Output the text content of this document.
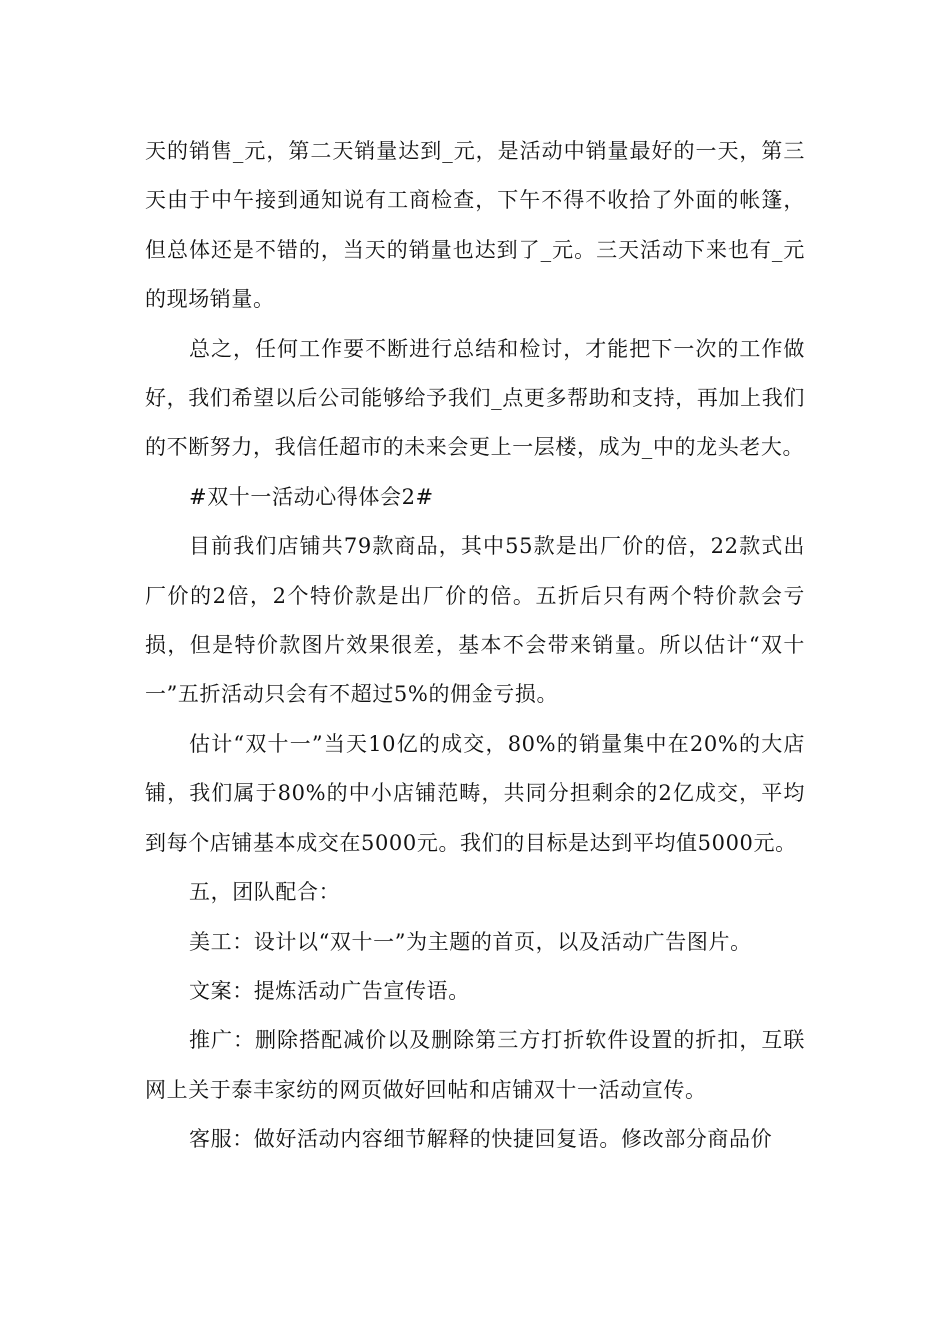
天的销售_元，第二天销量达到_元，是活动中销量最好的一天，第三天由于中午接到通知说有工商检查，下午不得不收拾了外面的帐篷，但总体还是不错的，当天的销量也达到了_元。三天活动下来也有_元的现场销量。

总之，任何工作要不断进行总结和检讨，才能把下一次的工作做好，我们希望以后公司能够给予我们_点更多帮助和支持，再加上我们的不断努力，我信任超市的未来会更上一层楼，成为_中的龙头老大。

#双十一活动心得体会2#

目前我们店铺共79款商品，其中55款是出厂价的倍，22款式出厂价的2倍，2个特价款是出厂价的倍。五折后只有两个特价款会亏损，但是特价款图片效果很差，基本不会带来销量。所以估计“双十一”五折活动只会有不超过5%的佣金亏损。

估计“双十一”当天10亿的成交，80%的销量集中在20%的大店铺，我们属于80%的中小店铺范畴，共同分担剩余的2亿成交，平均到每个店铺基本成交在5000元。我们的目标是达到平均值5000元。

五，团队配合：

美工：设计以“双十一”为主题的首页，以及活动广告图片。

文案：提炼活动广告宣传语。

推广：删除搭配减价以及删除第三方打折软件设置的折扣，互联网上关于泰丰家纺的网页做好回帖和店铺双十一活动宣传。

客服：做好活动内容细节解释的快捷回复语。修改部分商品价
